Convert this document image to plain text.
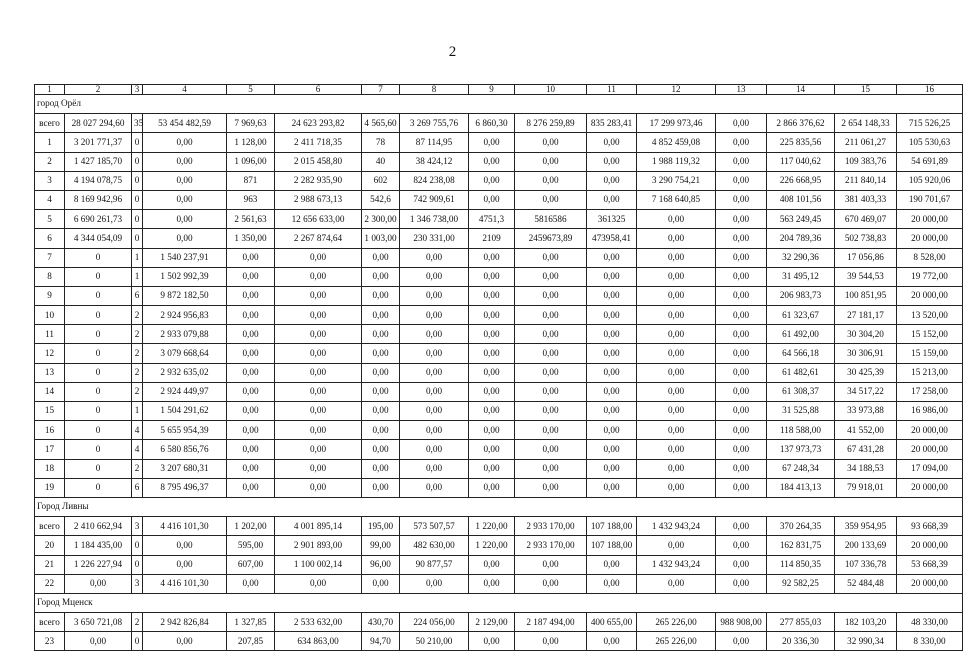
2
1	2	3	4	5	6	7	8	9	10	11	12	13	14	15	16
город Орёл															
всего	28 027 294,60	35	53 454 482,59	7 969,63	24 623 293,82	4 565,60	3 269 755,76	6 860,30	8 276 259,89	835 283,41	17 299 973,46	0,00	2 866 376,62	2 654 148,33	715 526,25
1	3 201 771,37	0	0,00	1 128,00	2 411 718,35	78	87 114,95	0,00	0,00	0,00	4 852 459,08	0,00	225 835,56	211 061,27	105 530,63
2	1 427 185,70	0	0,00	1 096,00	2 015 458,80	40	38 424,12	0,00	0,00	0,00	1 988 119,32	0,00	117 040,62	109 383,76	54 691,89
3	4 194 078,75	0	0,00	871	2 282 935,90	602	824 238,08	0,00	0,00	0,00	3 290 754,21	0,00	226 668,95	211 840,14	105 920,06
4	8 169 942,96	0	0,00	963	2 988 673,13	542,6	742 909,61	0,00	0,00	0,00	7 168 640,85	0,00	408 101,56	381 403,33	190 701,67
5	6 690 261,73	0	0,00	2 561,63	12 656 633,00	2 300,00	1 346 738,00	4751,3	5816586	361325	0,00	0,00	563 249,45	670 469,07	20 000,00
6	4 344 054,09	0	0,00	1 350,00	2 267 874,64	1 003,00	230 331,00	2109	2459673,89	473958,41	0,00	0,00	204 789,36	502 738,83	20 000,00
7	0	1	1 540 237,91	0,00	0,00	0,00	0,00	0,00	0,00	0,00	0,00	0,00	32 290,36	17 056,86	8 528,00
8	0	1	1 502 992,39	0,00	0,00	0,00	0,00	0,00	0,00	0,00	0,00	0,00	31 495,12	39 544,53	19 772,00
9	0	6	9 872 182,50	0,00	0,00	0,00	0,00	0,00	0,00	0,00	0,00	0,00	206 983,73	100 851,95	20 000,00
10	0	2	2 924 956,83	0,00	0,00	0,00	0,00	0,00	0,00	0,00	0,00	0,00	61 323,67	27 181,17	13 520,00
11	0	2	2 933 079,88	0,00	0,00	0,00	0,00	0,00	0,00	0,00	0,00	0,00	61 492,00	30 304,20	15 152,00
12	0	2	3 079 668,64	0,00	0,00	0,00	0,00	0,00	0,00	0,00	0,00	0,00	64 566,18	30 306,91	15 159,00
13	0	2	2 932 635,02	0,00	0,00	0,00	0,00	0,00	0,00	0,00	0,00	0,00	61 482,61	30 425,39	15 213,00
14	0	2	2 924 449,97	0,00	0,00	0,00	0,00	0,00	0,00	0,00	0,00	0,00	61 308,37	34 517,22	17 258,00
15	0	1	1 504 291,62	0,00	0,00	0,00	0,00	0,00	0,00	0,00	0,00	0,00	31 525,88	33 973,88	16 986,00
16	0	4	5 655 954,39	0,00	0,00	0,00	0,00	0,00	0,00	0,00	0,00	0,00	118 588,00	41 552,00	20 000,00
17	0	4	6 580 856,76	0,00	0,00	0,00	0,00	0,00	0,00	0,00	0,00	0,00	137 973,73	67 431,28	20 000,00
18	0	2	3 207 680,31	0,00	0,00	0,00	0,00	0,00	0,00	0,00	0,00	0,00	67 248,34	34 188,53	17 094,00
19	0	6	8 795 496,37	0,00	0,00	0,00	0,00	0,00	0,00	0,00	0,00	0,00	184 413,13	79 918,01	20 000,00
Город Ливны															
всего	2 410 662,94	3	4 416 101,30	1 202,00	4 001 895,14	195,00	573 507,57	1 220,00	2 933 170,00	107 188,00	1 432 943,24	0,00	370 264,35	359 954,95	93 668,39
20	1 184 435,00	0	0,00	595,00	2 901 893,00	99,00	482 630,00	1 220,00	2 933 170,00	107 188,00	0,00	0,00	162 831,75	200 133,69	20 000,00
21	1 226 227,94	0	0,00	607,00	1 100 002,14	96,00	90 877,57	0,00	0,00	0,00	1 432 943,24	0,00	114 850,35	107 336,78	53 668,39
22	0,00	3	4 416 101,30	0,00	0,00	0,00	0,00	0,00	0,00	0,00	0,00	0,00	92 582,25	52 484,48	20 000,00
Город Мценск															
всего	3 650 721,08	2	2 942 826,84	1 327,85	2 533 632,00	430,70	224 056,00	2 129,00	2 187 494,00	400 655,00	265 226,00	988 908,00	277 855,03	182 103,20	48 330,00
23	0,00	0	0,00	207,85	634 863,00	94,70	50 210,00	0,00	0,00	0,00	265 226,00	0,00	20 336,30	32 990,34	8 330,00
